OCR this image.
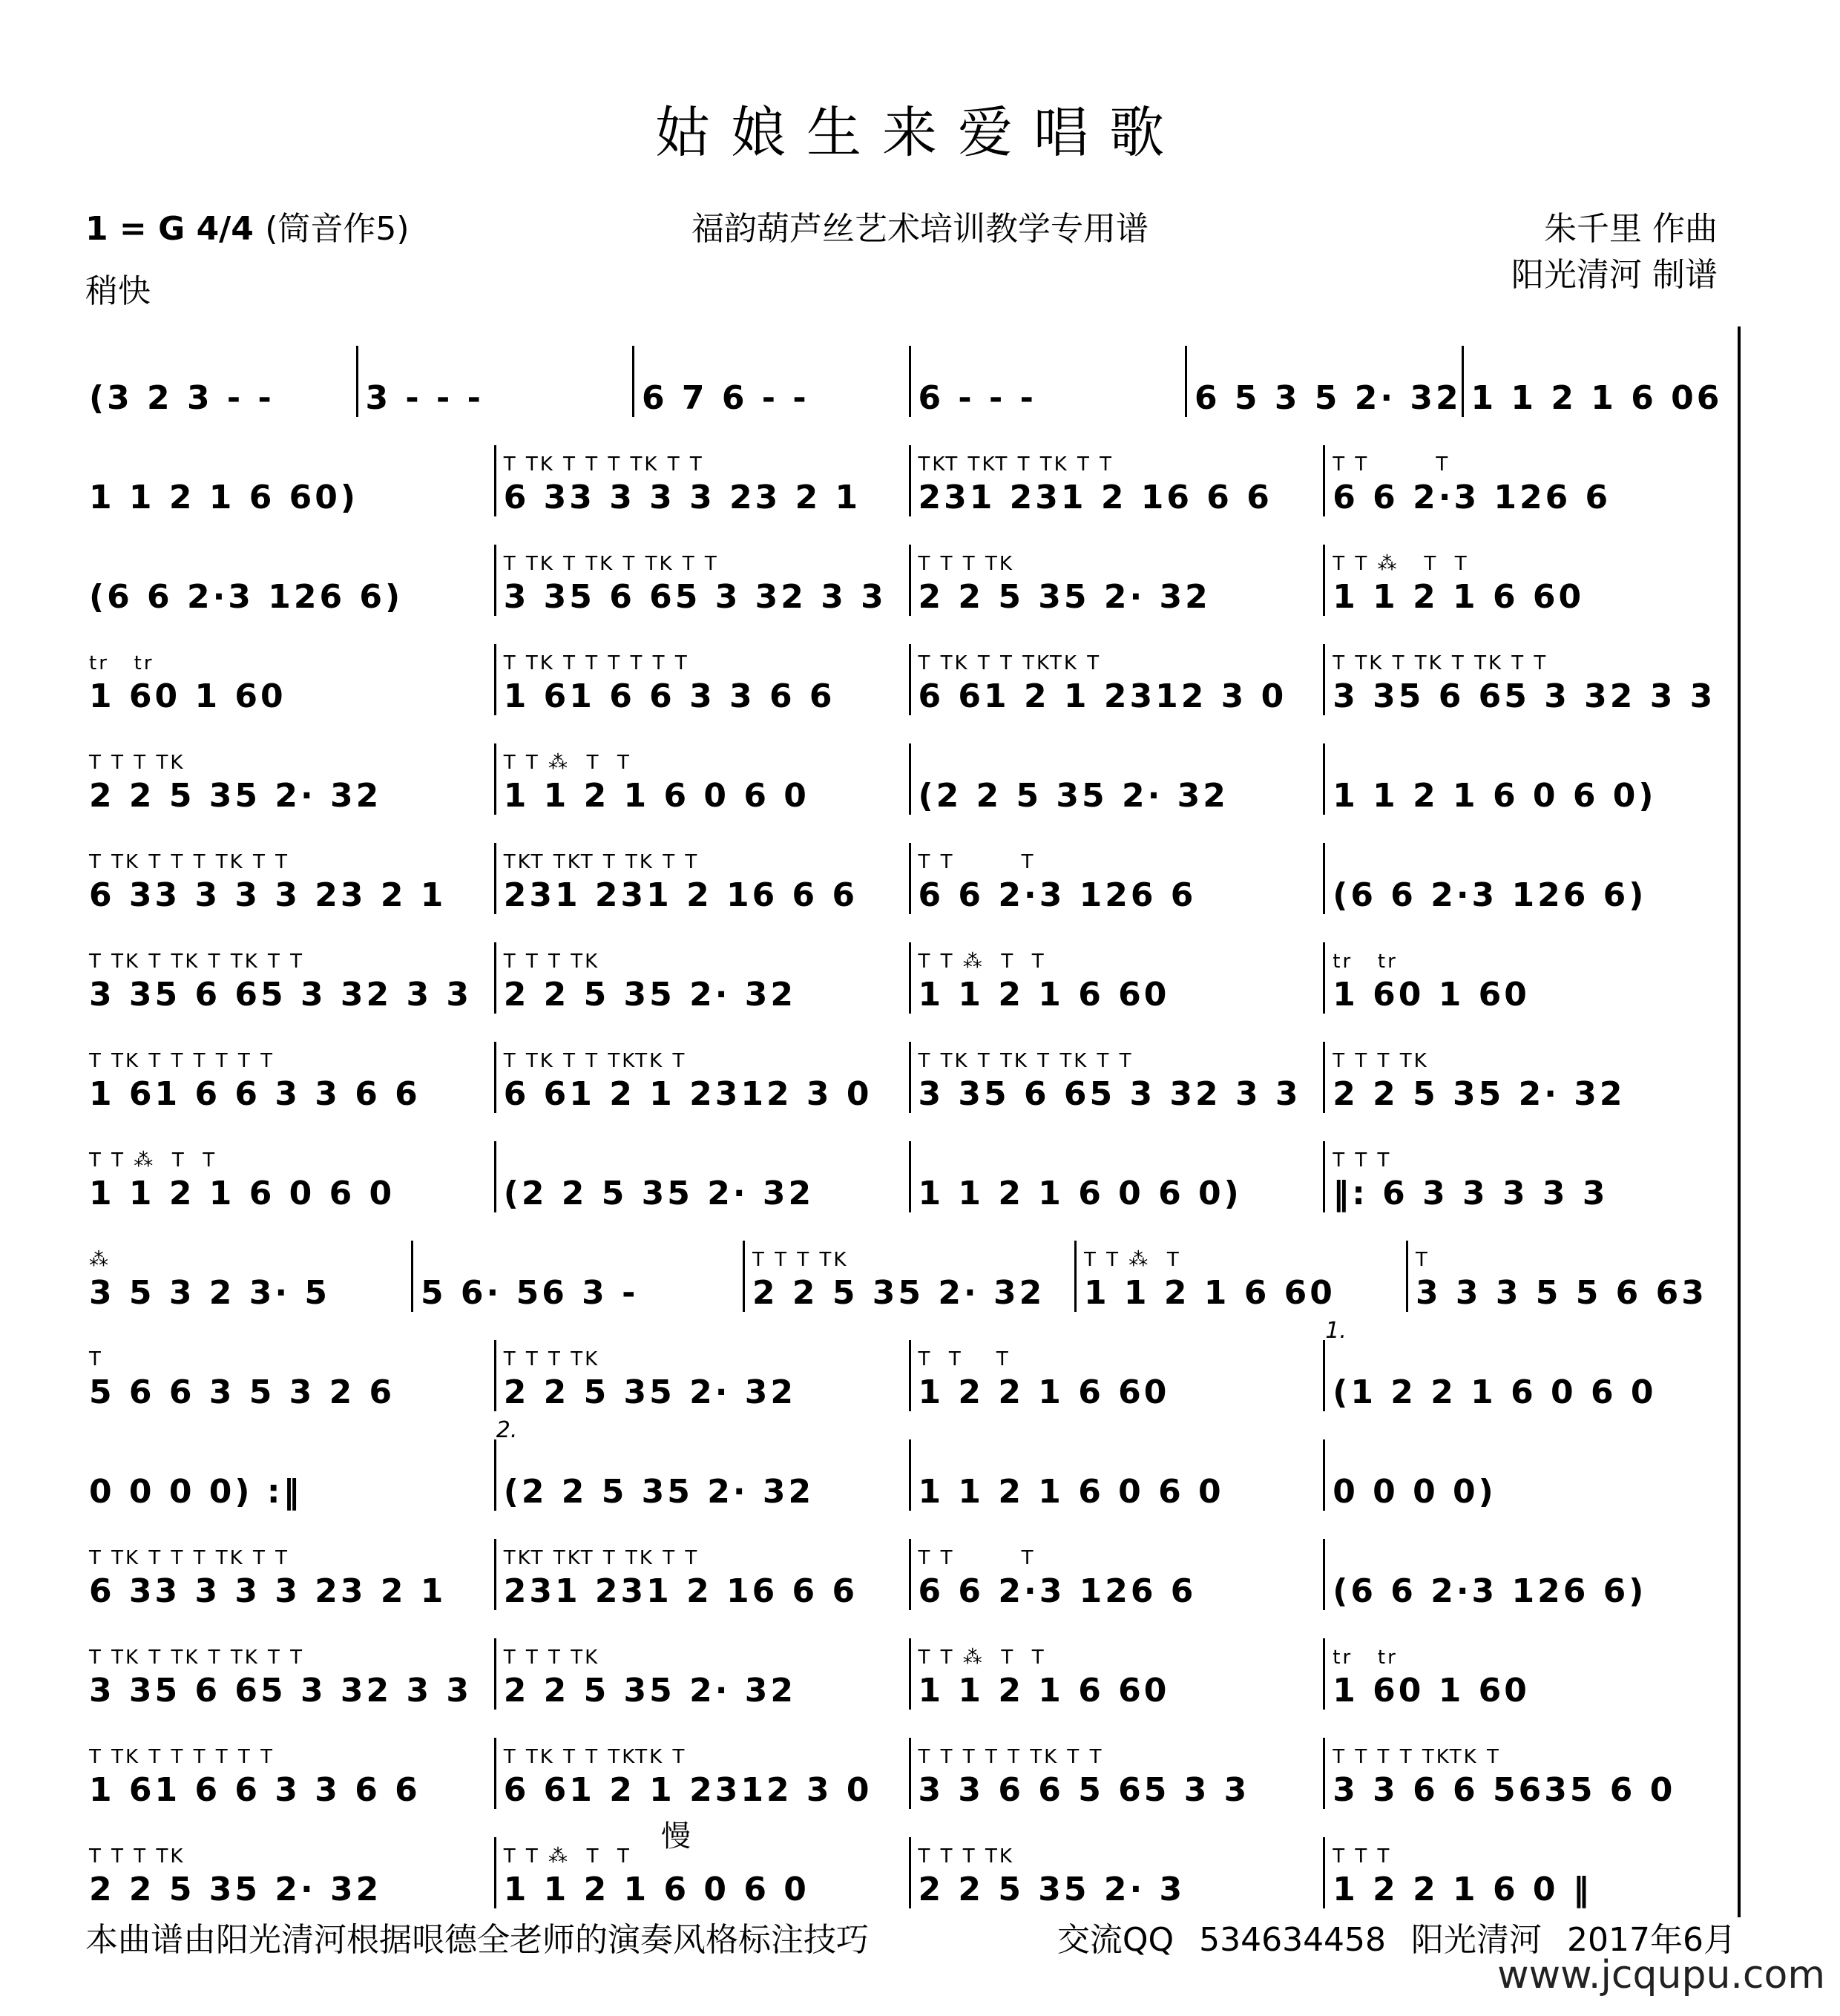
姑娘生来爱唱歌
1 = G 4/4 (筒音作5)	福韵葫芦丝艺术培训教学专用谱	朱千里 作曲
阳光清河 制谱
稍快
(3 2 3 - -	3 - - -	6 7 6 - -	6 - - -	6 5 3 5 2· 32 1 1 2 1 6 06
1 1 2 1 6 60)
T TK T T T TK T T
6 33 3 3 3 23 2 1
TKT TKT T TK T T
231 231 2 16 6 6
T T        T
6 6 2·3 126 6
(6 6 2·3 126 6)
T TK T TK T TK T T
3 35 6 65 3 32 3 3
T T T TK
2 2 5 35 2· 32
T T ⁂   T  T
1 1 2 1 6 60
tr   tr
1 60 1 60
T TK T T T T T T
1 61 6 6 3 3 6 6
T TK T T TKTK T
6 61 2 1 2312 3 0
T TK T TK T TK T T
3 35 6 65 3 32 3 3
T T T TK
2 2 5 35 2· 32
T T ⁂  T  T
1 1 2 1 6 0 6 0	(2 2 5 35 2· 32	1 1 2 1 6 0 6 0)
T TK T T T TK T T
6 33 3 3 3 23 2 1
TKT TKT T TK T T
231 231 2 16 6 6
T T        T
6 6 2·3 126 6	(6 6 2·3 126 6)
T TK T TK T TK T T
3 35 6 65 3 32 3 3
T T T TK
2 2 5 35 2· 32
T T ⁂  T  T
1 1 2 1 6 60
tr   tr
1 60 1 60
T TK T T T T T T
1 61 6 6 3 3 6 6
T TK T T TKTK T
6 61 2 1 2312 3 0
T TK T TK T TK T T
3 35 6 65 3 32 3 3
T T T TK
2 2 5 35 2· 32
T T ⁂  T  T
1 1 2 1 6 0 6 0	(2 2 5 35 2· 32	1 1 2 1 6 0 6 0)
T T T
‖: 6 3 3 3 3 3
⁂
3 5 3 2 3· 5	5 6· 56 3 -
T T T TK
2 2 5 35 2· 32
T T ⁂  T
1 1 2 1 6 60
T
3 3 3 5 5 6 63
T
5 6 6 3 5 3 2 6
T T T TK
2 2 5 35 2· 32
T  T    T
1 2 2 1 6 60
1.
(1 2 2 1 6 0 6 0
0 0 0 0) :‖
2.
(2 2 5 35 2· 32	1 1 2 1 6 0 6 0	0 0 0 0)
T TK T T T TK T T
6 33 3 3 3 23 2 1
TKT TKT T TK T T
231 231 2 16 6 6
T T        T
6 6 2·3 126 6	(6 6 2·3 126 6)
T TK T TK T TK T T
3 35 6 65 3 32 3 3
T T T TK
2 2 5 35 2· 32
T T ⁂  T  T
1 1 2 1 6 60
tr   tr
1 60 1 60
T TK T T T T T T
1 61 6 6 3 3 6 6
T TK T T TKTK T
6 61 2 1 2312 3 0
慢
T T T T T TK T T
3 3 6 6 5 65 3 3
T T T T TKTK T
3 3 6 6 5635 6 0
T T T TK
2 2 5 35 2· 32
T T ⁂  T  T
1 1 2 1 6 0 6 0
T T T TK
2 2 5 35 2· 3
T T T
1 2 2 1 6 0 ‖
本曲谱由阳光清河根据哏德全老师的演奏风格标注技巧	交流QQ 534634458 阳光清河 2017年6月
www.jcqupu.com
